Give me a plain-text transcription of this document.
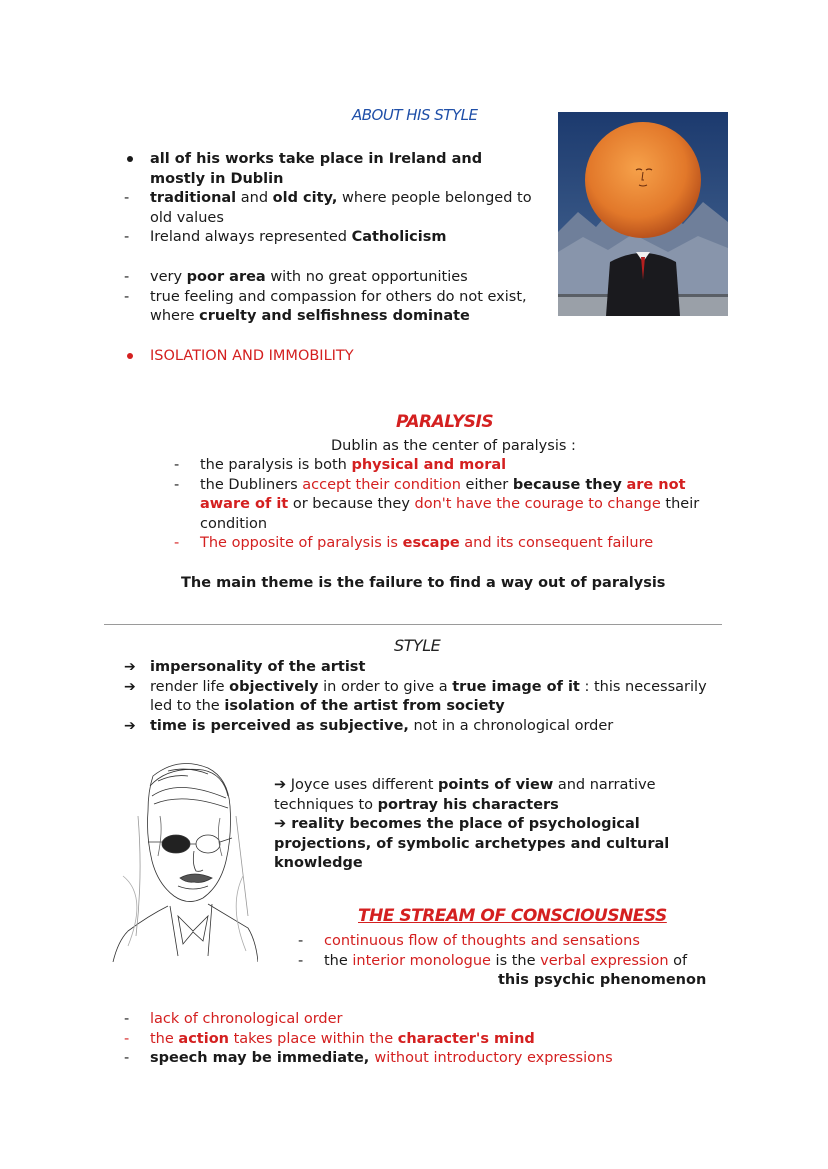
ABOUT HIS STYLE
all of his works take place in Ireland and mostly in Dublin
-	traditional and old city, where people belonged to old values
-	Ireland always represented Catholicism
-	very poor area with no great opportunities
-	true feeling and compassion for others do not exist, where cruelty and selfishness dominate
ISOLATION AND IMMOBILITY
PARALYSIS
Dublin as the center of paralysis :
-	the paralysis is both physical and moral
-	the Dubliners accept their condition either because they are not aware of it or because they don't have the courage to change their condition
-	The opposite of paralysis is escape and its consequent failure
The main theme is the failure to find a way out of paralysis
STYLE
➔ impersonality of the artist
➔ render life objectively in order to give a true image of it : this necessarily led to the isolation of the artist from society
➔ time is perceived as subjective, not in a chronological order
➔ Joyce uses different points of view and narrative techniques to portray his characters
➔ reality becomes the place of psychological projections, of symbolic archetypes and cultural knowledge
THE STREAM OF CONSCIOUSNESS
-	continuous flow of thoughts and sensations
-	the interior monologue is the verbal expression of
this psychic phenomenon
-	lack of chronological order
-	the action takes place within the character's mind
-	speech may be immediate, without introductory expressions
